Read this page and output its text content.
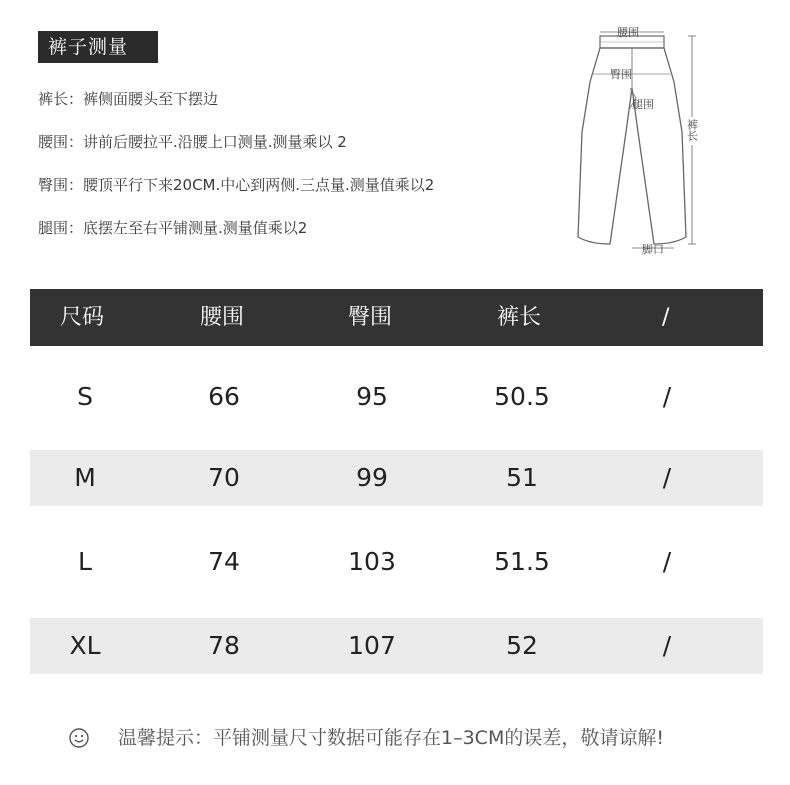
裤子测量
裤长：裤侧面腰头至下摆边
腰围：讲前后腰拉平.沿腰上口测量.测量乘以 2
臀围：腰顶平行下来20CM.中心到两侧.三点量.测量值乘以2
腿围：底摆左至右平铺测量.测量值乘以2
腰围
臀围
腿围
裤长
脚口
尺码	腰围	臀围	裤长	/
S	66	95	50.5	/
M	70	99	51	/
L	74	103	51.5	/
XL	78	107	52	/
温馨提示：平铺测量尺寸数据可能存在1–3CM的误差，敬请谅解!
